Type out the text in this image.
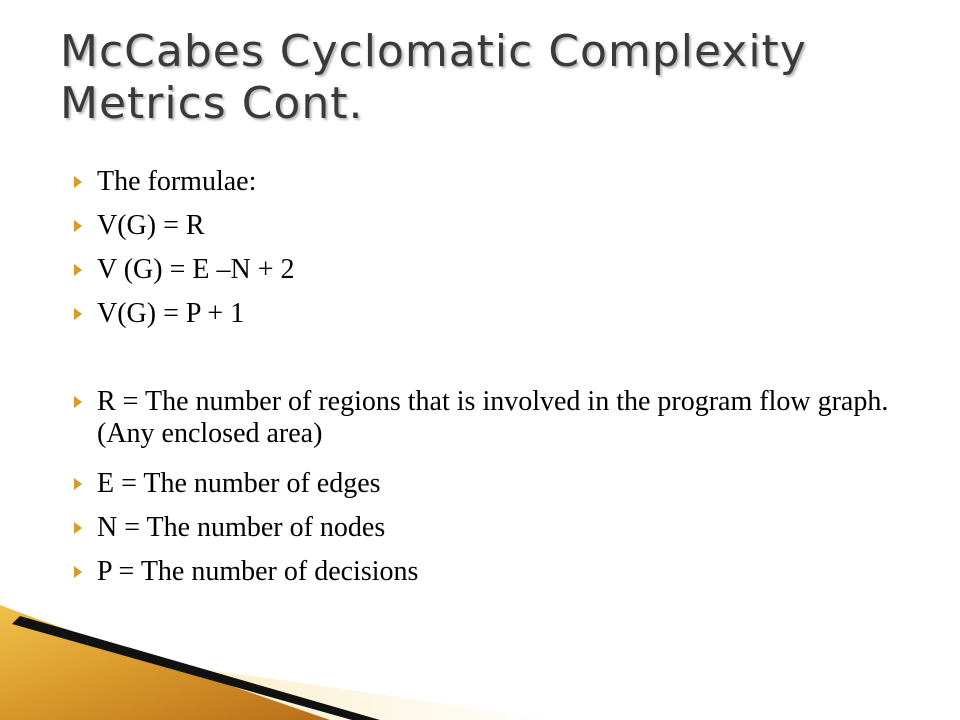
McCabes Cyclomatic Complexity
Metrics Cont.
The formulae:
V(G) = R
V (G) = E –N + 2
V(G) = P + 1
R = The number of regions that is involved in the program flow graph. (Any enclosed area)
E = The number of edges
N = The number of nodes
P = The number of decisions
